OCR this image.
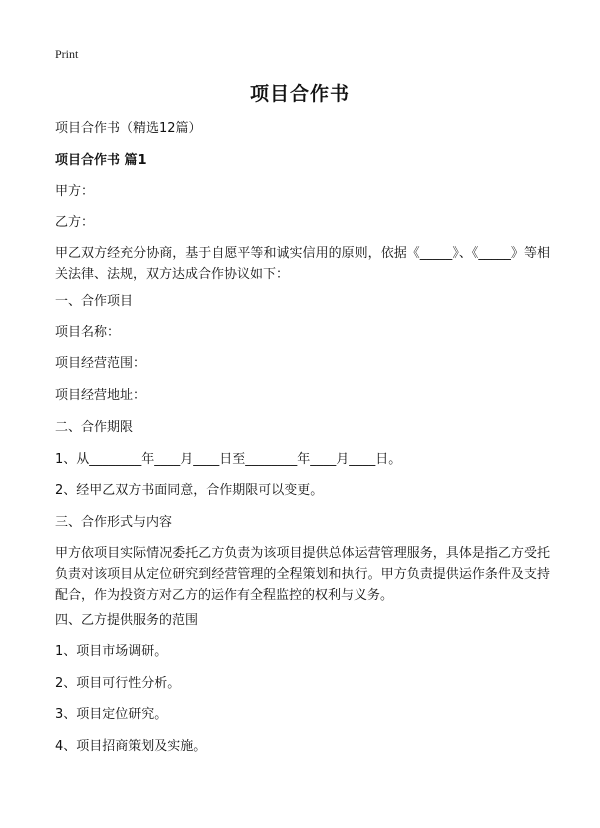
Print
项目合作书
项目合作书（精选12篇）
项目合作书 篇1
甲方：
乙方：
甲乙双方经充分协商，基于自愿平等和诚实信用的原则，依据《_____》、《_____》等相关法律、法规，双方达成合作协议如下：
一、合作项目
项目名称：
项目经营范围：
项目经营地址：
二、合作期限
1、从________年____月____日至________年____月____日。
2、经甲乙双方书面同意，合作期限可以变更。
三、合作形式与内容
甲方依项目实际情况委托乙方负责为该项目提供总体运营管理服务，具体是指乙方受托负责对该项目从定位研究到经营管理的全程策划和执行。甲方负责提供运作条件及支持配合，作为投资方对乙方的运作有全程监控的权利与义务。
四、乙方提供服务的范围
1、项目市场调研。
2、项目可行性分析。
3、项目定位研究。
4、项目招商策划及实施。
